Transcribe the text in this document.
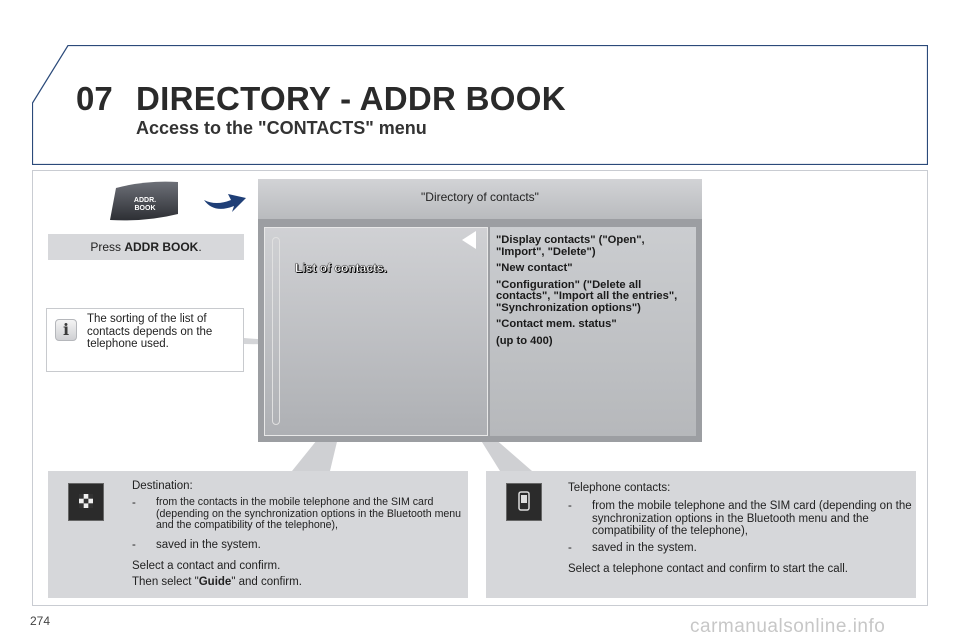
07 DIRECTORY - ADDR BOOK
Access to the "CONTACTS" menu
ADDR.
BOOK
Press ADDR BOOK.
i
The sorting of the list of contacts depends on the telephone used.
"Directory of contacts"
List of contacts.
"Display contacts" ("Open", "Import", "Delete")
"New contact"
"Configuration" ("Delete all contacts", "Import all the entries", "Synchronization options")
"Contact mem. status"
(up to 400)

Destination:

-	from the contacts in the mobile telephone and the SIM card (depending on the synchronization options in the Bluetooth menu and the compatibility of the telephone),

-	saved in the system.

Select a contact and confirm.

Then select "Guide" and confirm.

Telephone contacts:

-	from the mobile telephone and the SIM card (depending on the synchronization options in the Bluetooth menu and the compatibility of the telephone),

-	saved in the system.

Select a telephone contact and confirm to start the call.

274	carmanualsonline.info
